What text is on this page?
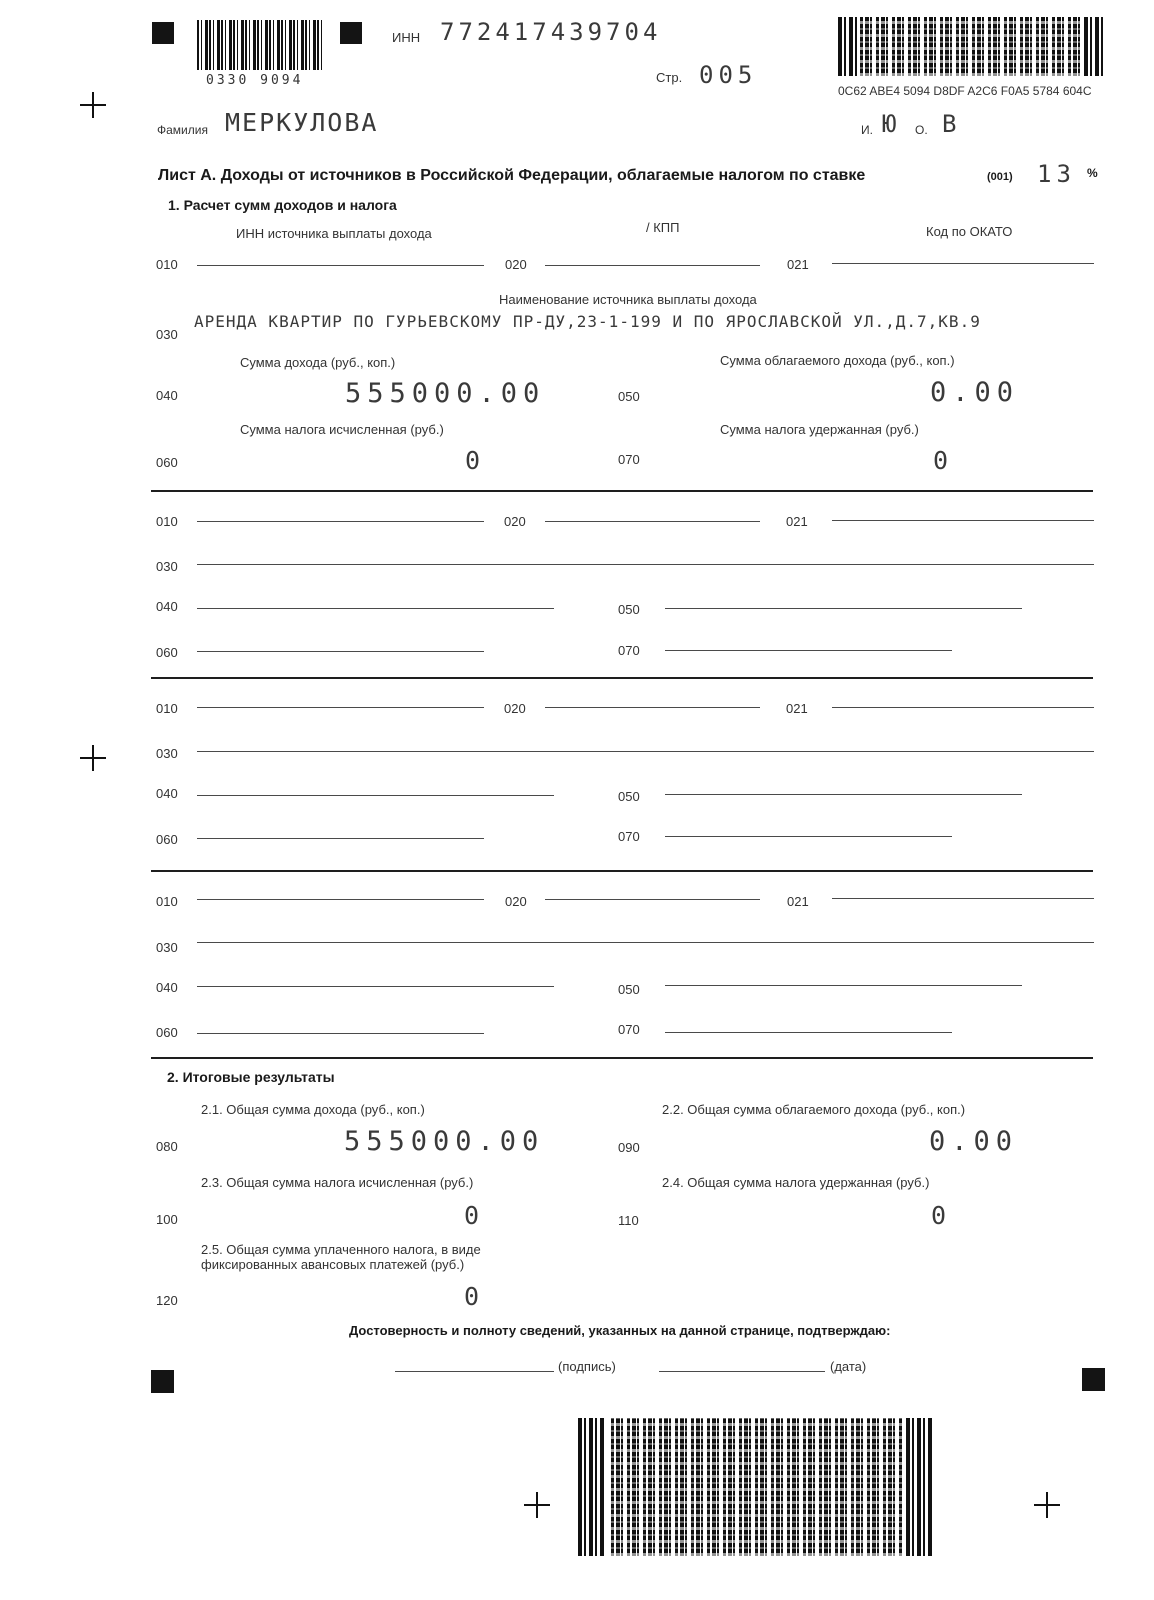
0330 9094
ИНН 772417439704
Стр. 005
0C62 ABE4 5094 D8DF A2C6 F0A5 5784 604C
Фамилия МЕРКУЛОВА	И. Ю О. В
Лист А. Доходы от источников в Российской Федерации, облагаемые налогом по ставке	(001) 13 %
1. Расчет сумм доходов и налога
ИНН источника выплаты дохода	/ КПП	Код по ОКАТО
010	020	021
Наименование источника выплаты дохода
030
АРЕНДА КВАРТИР ПО ГУРЬЕВСКОМУ ПР-ДУ,23-1-199 И ПО ЯРОСЛАВСКОЙ УЛ.,Д.7,КВ.9
Сумма дохода (руб., коп.)	Сумма облагаемого дохода (руб., коп.)
040	555000.00	050	0.00
Сумма налога исчисленная (руб.)	Сумма налога удержанная (руб.)
060	0	070	0
010	020	021
030
040	050
060	070
010	020	021
030
040	050
060	070
010	020	021
030
040	050
060	070
2. Итоговые результаты
2.1. Общая сумма дохода (руб., коп.)	2.2. Общая сумма облагаемого дохода (руб., коп.)
080	555000.00	090	0.00
2.3. Общая сумма налога исчисленная (руб.)	2.4. Общая сумма налога удержанная (руб.)
100	0	110	0
2.5. Общая сумма уплаченного налога, в виде
фиксированных авансовых платежей (руб.)
120	0
Достоверность и полноту сведений, указанных на данной странице, подтверждаю:
(подпись)	(дата)
